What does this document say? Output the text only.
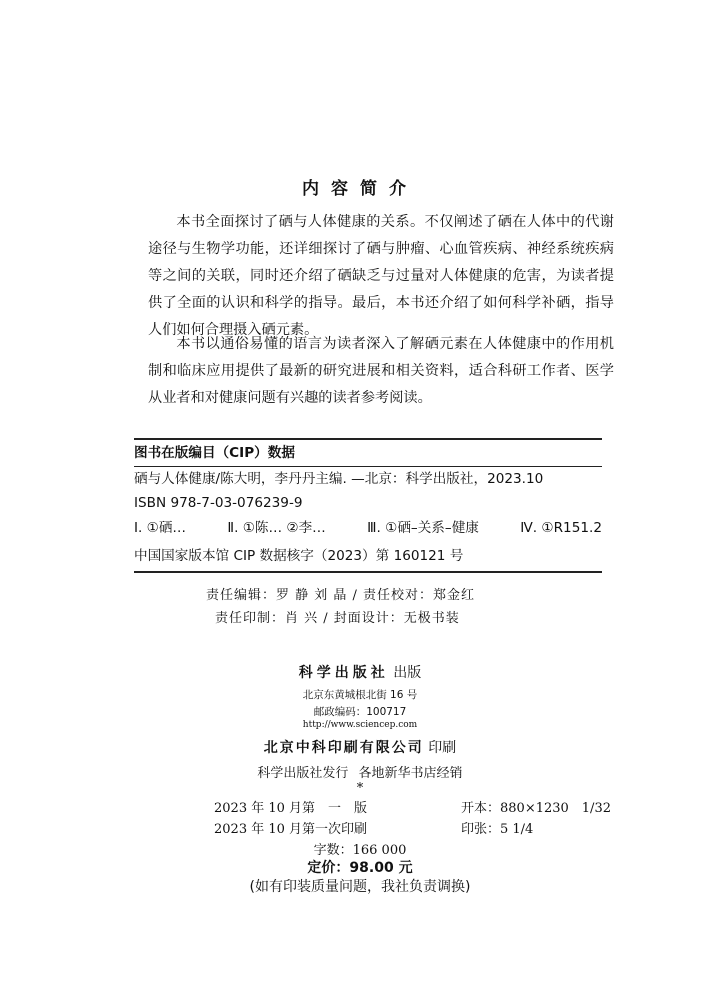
内容简介

本书全面探讨了硒与人体健康的关系。不仅阐述了硒在人体中的代谢途径与生物学功能，还详细探讨了硒与肿瘤、心血管疾病、神经系统疾病等之间的关联，同时还介绍了硒缺乏与过量对人体健康的危害，为读者提供了全面的认识和科学的指导。最后，本书还介绍了如何科学补硒，指导人们如何合理摄入硒元素。

本书以通俗易懂的语言为读者深入了解硒元素在人体健康中的作用机制和临床应用提供了最新的研究进展和相关资料，适合科研工作者、医学从业者和对健康问题有兴趣的读者参考阅读。

图书在版编目（CIP）数据
硒与人体健康/陈大明，李丹丹主编. —北京：科学出版社，2023.10
ISBN 978-7-03-076239-9
Ⅰ. ①硒…	Ⅱ. ①陈… ②李…	Ⅲ. ①硒–关系–健康	Ⅳ. ①R151.2
中国国家版本馆 CIP 数据核字（2023）第 160121 号
责任编辑：罗 静 刘 晶 / 责任校对：郑金红
责任印制：肖 兴 / 封面设计：无极书装
科学出版社 出版
北京东黄城根北街 16 号
邮政编码：100717
http://www.sciencep.com
北京中科印刷有限公司 印刷
科学出版社发行 各地新华书店经销
*
2023 年 10 月第　一　版	开本：880×1230　1/32
2023 年 10 月第一次印刷	印张：5 1/4
字数：166 000
定价：98.00 元
(如有印装质量问题，我社负责调换)
